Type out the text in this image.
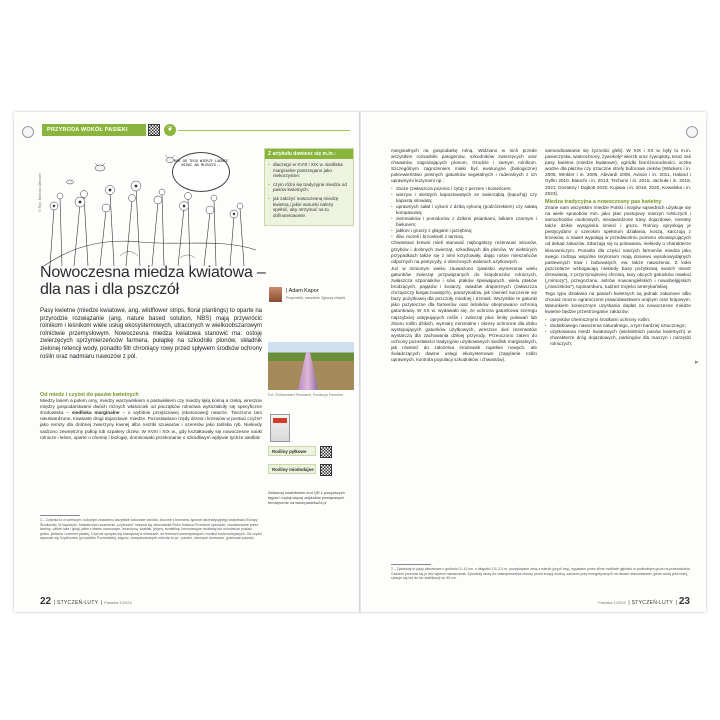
PRZYRODA WOKÓŁ PASIEKI	❦
ROK OD TEGO WIERZY LADNIE WIDAC NA MLEDZIE..
© Rys. Mariusz Ottmann
Z artykułu dowiesz się m.in.:
• dlaczego w XVIII i XIX w. siedliska marginalne postrzegano jako niekorzystne;
• czym różni się tradycyjna miedza od pasów kwietnych;
• jak założyć nowoczesną miedzę kwietną i jakie warunki należy spełnić, aby otrzymać na to dofinansowanie.
Nowoczesna miedza kwiatowa – dla nas i dla pszczół	| Adam Kapor
Przyrodnik, naczelnik Zgłoszy mleptit
Fot. Rothamsted Research, Fundacja Farmtree
Pasy kwietne (miedze kwiatowe, ang. wildflower strips, floral plantings) to oparte na przyrodzie rozwiązanie (ang. nature based solution, NBS) mają przywrócić rolnikom i leśnikom wiele usług ekosystemowych, utraconych w wielkoobszarowym rolnictwie przemysłowym. Nowoczesna miedza kwiatowa stanowić ma: ostoję zwierzęcych sprzymierzeńców farmera, pułapkę na szkodniki plonów, składnik zielonej retencji wody, ponadto filtr chroniący rowy przed spływem środków ochrony roślin oraz nadmiaru nawozów z pól.
Od miedz i czyżni do pasów kwietnych

Miedzy lasem a polem orny, miedzy warzywnikiem a pastwiskiem czy miedzy łąką kośną a rzeką, wreszcie między gospodarstwami dwóch różnych właścicieli od początków rolnictwa wykształciły się specyficzne środowiska – siedliska marginalne – o wybitnie przejściowej (ekotonowej) naturze. Tworzono tam nieutwardzone, trawiaste drogi dojazdowe: miedze. Pozostawiano rzędy drzew i krzewów w postaci czyżni¹ jako remizy dla drobnej zwierzyny łownej albo resztki szuwarów i ozeretów jako tarliska ryb. Niekiedy sadzono zewnętrzny pułlop lub szpalery drzew. W XVIII i XIX w., gdy kształtowały się nowoczesne nauki rolnicze i leśne, oparte o chemię i biologię, dominowało przekonanie o szkodliwym wpływie tychże siedlisk

1 – Czyżnia to w szerszym, ludowym znaczeniu wszystkie kolczaste zarośla, złożone z krzewów, typowe dla tradycyjnego krajobrazu Europy Środkowej. W węższym, botanicznym znaczeniu „czyżniami” nazywa się zbiorowiska Rubo fruticosi-Prunetum spinosae, zdominowane przez tarninę, dzikie róże i głogi, jałtm z tasem owocowym, leszczyną, szakłak, jeżyny, trzmielinę i innowacyjne miotlasty lub ochotnicze postaci grabu, jabłonia i czeremi ptasiej. Czyżnie spotyka się zazwyczaj w miedzach, na terenach przemysłowych i wzdłuż torów kolejowych. Od czyżni wywodzi się Czyżkowice (przysiółek Poznańskiej, zagość, trampanowanych mierzta to po : parach, strumych drzewach, granicach pasów).
Rośliny pyłkowe
Rośliny miododajne
Zeskanuj smartfonem kod QR z powyższych tagów i czytaj więcej artykułów powiązanych tematycznie na www.pasieka24.pl
22 | STYCZEŃ-LUTY | Pasieka 1/2024

marginalnych na gospodarkę rolną. Widziano w nich przede wszystkim rozsadniki patogenów, szkodników zwierzęcych oraz chwastów, zagrażających plonom, trzodzie i samym rolnikom. Szczególnym zagrożeniem miało być ewolucyjne (biologiczne) pokrewieństwo pewnych gatunków segetalnych i ruderalnych z ich uprawnymi kuzynami np.:

• zboże (zwłaszcza pszenic i żyta) z perzem i kozieńcem;
• warzyw i oleistych kapustowatych ze swierząbią (łopuchą) czy kapustą sitowatą;
• uprawnych sałat i cykorii z dziką cykorią (podróżnikiem) czy sałatą kompasową;
• ziemniaków i pomidorów z dzikimi psiankami, lulkiem czarnym i bielunem;
• jabłoni i gruszy z głogami i jarzębiną;
• śliw, moreli i brzoskwiń z tarniną.

Chwastowi krewni mieli stanowić najbogatszy rezerwuar wirusów, grzybów i drobnych zwierząt, szkodliwych dla plonów. W niektórych przypadkach także się z nimi krzyżowały, dając rośne mieszańców odpornych na pestycydy, o obniżonych walorach użytkowych.

Już w minionym wieku zauważono zjawisko wymierania wielu gatunków zwierząt przywiązanych do krajobrazów rolniczych, zwłaszcza szponiaków i sów, ptaków śpiewających, wielu ptaków brodzących, pająków i kosarzy, owadów drapieżnych (zwłaszcza chrząszczy biegaczowatych), parazytoidów, jak również kurczenie się bazy pożytkowej dla pszczoły miodnej i trzmieli. Wszystkie te gatunki jako pożyteczne dla farmerów oraz leśników obejmowano ochroną gatunkową. W XX w. wydawało się, że ochrona gatunkowa szeregu najszybciej ustępujących roślin i zwierząt plus limity połowań lub zbioru roślin dzikich, wymiary minimalne i okresy ochronne dla dziko występujących gatunków użytkowych, wreszcie sieć rezerwatów wystarczą dla zachowania dzikiej przyrody. Przeoczono zatem do ochrony pozostałości tradycyjnie użytkowanych siedlisk marginalnych, jak również do założenia środowisk zupełnie nowych, ale świadczących dawne usługi ekosystemowe (zapylanie roślin uprawnych, kontrola populacji szkodników i chwastów).

samoodnawianie się żyzności gleb). W XIX i XX w. były to m.in. pasieczyska, wiatrochrony, żywokoły² wierzb oraz żywopłoty, teraz zaś pasy kwietne (miedze kwiatowe), ogródki bioróżnorodności, oczka wodne dla płazów czy sztuczne strefy buforowe cieków [Wäckers i in. 2005, Winkler i in. 2006, Abivardi 2008, Avison i in. 2011, Haland i Gyllin 2010, Bianchi i in. 2013, Tschumi i in. 2015, Jachuła i in. 2018, 2021; Dostatny i Dajbob 2020, Kujawa i in. 2018, 2020, Kowalska i in. 2023].

Miedza tradycyjna a nowoczesny pas kwietny

Znane nam wszystkim miedze Polski i krajów sąsiednich użytkuje się na wiele sposobów min. jako plac postojowy maszyn rolniczych i samochodów osobowych, nieutwardzone trasy dojazdowe, niestety także dzikie wysypiska śmieci i gruzu. Rolnicy opryskują je pestycydami o szerokim spektrum działania, koszą, karczują z krzewów, a nawet wypalają w przedwiośniu pomimo obowiązujących od dekad zakazów. Zdarzają się tu polowania, niekiedy o charakterze kłusowniczym. Ponadto dla części naszych farmerów miedza jako swego rodzaju wspólne terytorium mają dosiewu wysokowydajnych pastewnych traw i bobowatych, ew. także nawożenia. Z kolei pszczelarze wzbogacają niekiedy bazę pożytkową swoich miedz drzewiastą, z przyrzynajmniej chronią, tany obcych gatunków nawłoci („mimozy”), przegorzanu, astrów nowoangielskich i nowobelgijskich („marcinków”), topinamburu, tudzież trojeści amerykańskiej.

Tego typu działania na pasach kwietnych są jednak zakazane albo chociaż mocno ograniczone prawodawstwem unijnym oraz krajowym. Warunkiem koniecznym uzyskania dopłat na nowoczesne miedze kwietne będzie przestrzeganie zakazów:

• oprysków chemicznymi środkami ochrony roślin;
• dodatkowego nawożenia naturalnego, a tym bardziej sztucznego;
• użytkowania miedz kwiatowych (wieloletnich pasów kwietnych) w charakterze dróg dojazdowych, parkingów dla maszyn i narzędzi rolniczych;
▸
2 – Żywokoły to pędy wierzbowe o grubości 3–10 cm, o długości 1,5–2,4 m, pozyskiwane zimą z wierzb (pręcii rwy), wypalane przez silnie możliwie głęboko w podmokłym grunt na przedwiośniu, Czasem przenosi się je bez wpierw namaczania. Żywokoły służą do zabezpieczenia zboczy przed erozją wodną, zarówno przy energetycznych na niwach stanowiskach, gdzie wodą jest mniej, stosuje się też do ich stabilizacji do 30 cm.
Pasieka 1/2024 | STYCZEŃ-LUTY | 23
